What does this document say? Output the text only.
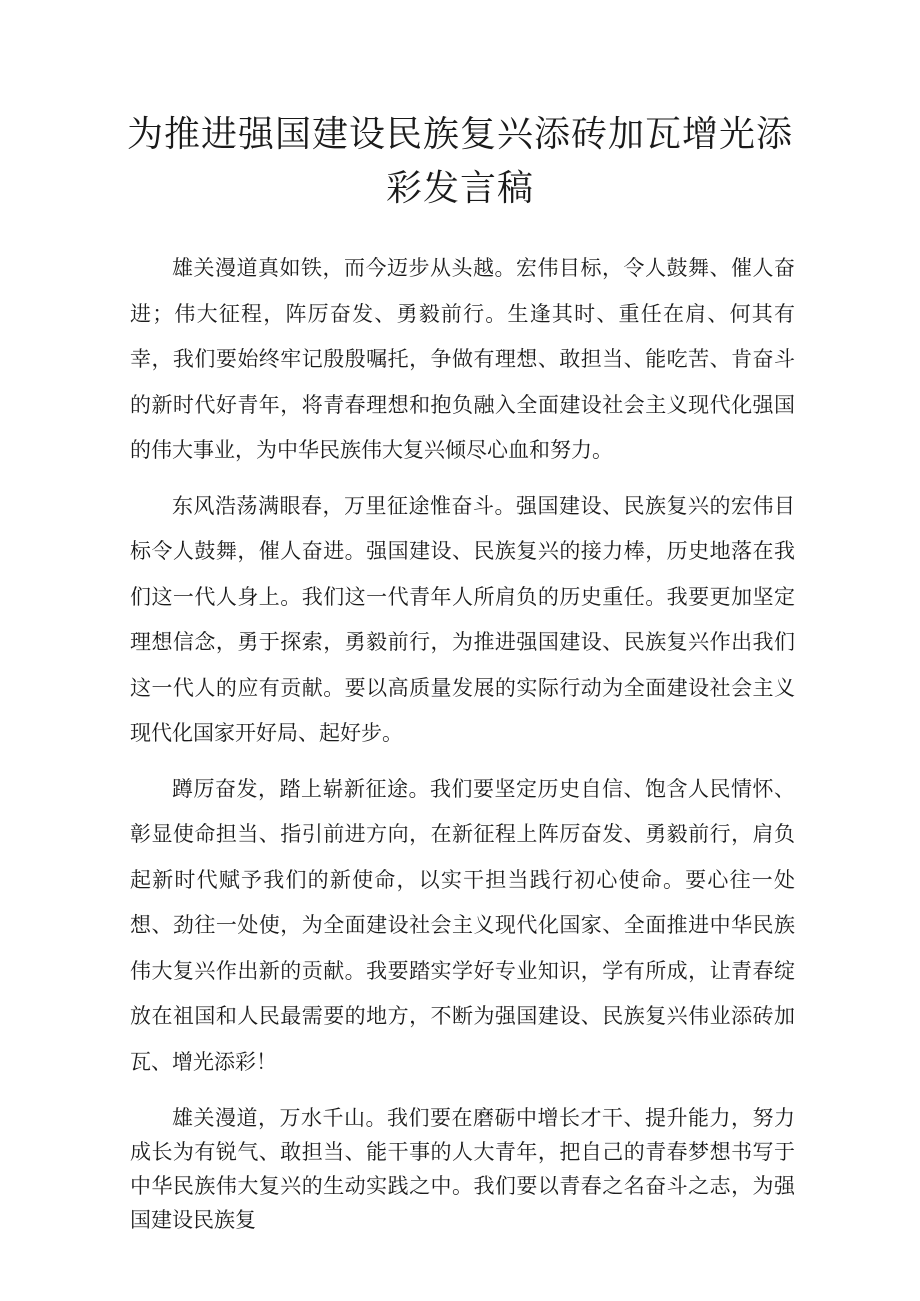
为推进强国建设民族复兴添砖加瓦增光添彩发言稿

雄关漫道真如铁，而今迈步从头越。宏伟目标，令人鼓舞、催人奋进；伟大征程，阵厉奋发、勇毅前行。生逢其时、重任在肩、何其有幸，我们要始终牢记殷殷嘱托，争做有理想、敢担当、能吃苦、肯奋斗的新时代好青年，将青春理想和抱负融入全面建设社会主义现代化强国的伟大事业，为中华民族伟大复兴倾尽心血和努力。

东风浩荡满眼春，万里征途惟奋斗。强国建设、民族复兴的宏伟目标令人鼓舞，催人奋进。强国建设、民族复兴的接力棒，历史地落在我们这一代人身上。我们这一代青年人所肩负的历史重任。我要更加坚定理想信念，勇于探索，勇毅前行，为推进强国建设、民族复兴作出我们这一代人的应有贡献。要以高质量发展的实际行动为全面建设社会主义现代化国家开好局、起好步。

蹲厉奋发，踏上崭新征途。我们要坚定历史自信、饱含人民情怀、彰显使命担当、指引前进方向，在新征程上阵厉奋发、勇毅前行，肩负起新时代赋予我们的新使命，以实干担当践行初心使命。要心往一处想、劲往一处使，为全面建设社会主义现代化国家、全面推进中华民族伟大复兴作出新的贡献。我要踏实学好专业知识，学有所成，让青春绽放在祖国和人民最需要的地方，不断为强国建设、民族复兴伟业添砖加瓦、增光添彩！

雄关漫道，万水千山。我们要在磨砺中增长才干、提升能力，努力成长为有锐气、敢担当、能干事的人大青年，把自己的青春梦想书写于中华民族伟大复兴的生动实践之中。我们要以青春之名奋斗之志，为强国建设民族复
